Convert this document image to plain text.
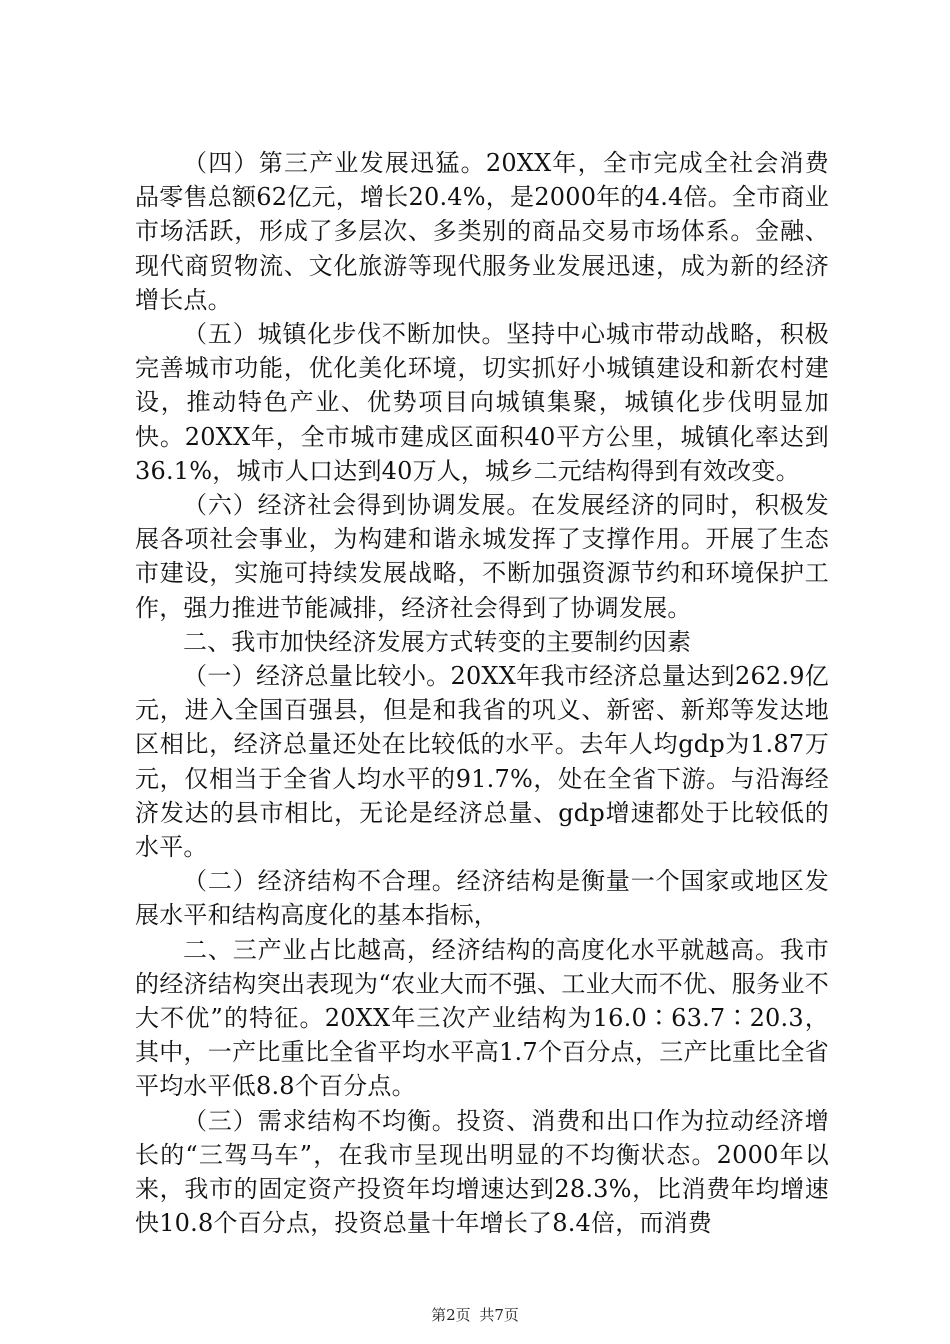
（四）第三产业发展迅猛。20XX年，全市完成全社会消费品零售总额62亿元，增长20.4%，是2000年的4.4倍。全市商业市场活跃，形成了多层次、多类别的商品交易市场体系。金融、现代商贸物流、文化旅游等现代服务业发展迅速，成为新的经济增长点。

（五）城镇化步伐不断加快。坚持中心城市带动战略，积极完善城市功能，优化美化环境，切实抓好小城镇建设和新农村建设，推动特色产业、优势项目向城镇集聚，城镇化步伐明显加快。20XX年，全市城市建成区面积40平方公里，城镇化率达到36.1%，城市人口达到40万人，城乡二元结构得到有效改变。

（六）经济社会得到协调发展。在发展经济的同时，积极发展各项社会事业，为构建和谐永城发挥了支撑作用。开展了生态市建设，实施可持续发展战略，不断加强资源节约和环境保护工作，强力推进节能减排，经济社会得到了协调发展。

二、我市加快经济发展方式转变的主要制约因素

（一）经济总量比较小。20XX年我市经济总量达到262.9亿元，进入全国百强县，但是和我省的巩义、新密、新郑等发达地区相比，经济总量还处在比较低的水平。去年人均gdp为1.87万元，仅相当于全省人均水平的91.7%，处在全省下游。与沿海经济发达的县市相比，无论是经济总量、gdp增速都处于比较低的水平。

（二）经济结构不合理。经济结构是衡量一个国家或地区发展水平和结构高度化的基本指标，

二、三产业占比越高，经济结构的高度化水平就越高。我市的经济结构突出表现为“农业大而不强、工业大而不优、服务业不大不优”的特征。20XX年三次产业结构为16.0∶63.7∶20.3，其中，一产比重比全省平均水平高1.7个百分点，三产比重比全省平均水平低8.8个百分点。

（三）需求结构不均衡。投资、消费和出口作为拉动经济增长的“三驾马车”，在我市呈现出明显的不均衡状态。2000年以来，我市的固定资产投资年均增速达到28.3%，比消费年均增速快10.8个百分点，投资总量十年增长了8.4倍，而消费

第2页 共7页
